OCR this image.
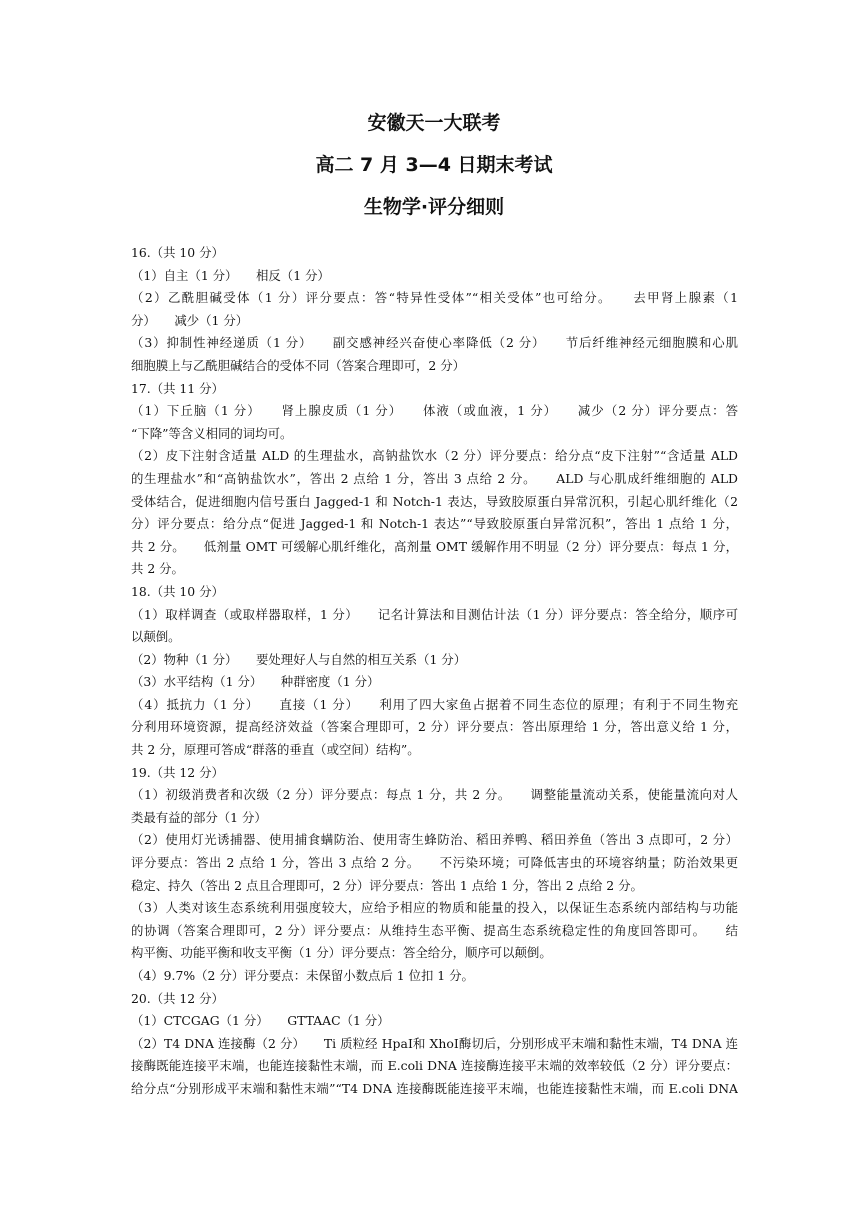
安徽天一大联考
高二 7 月 3—4 日期末考试
生物学·评分细则
16.（共 10 分）
（1）自主（1 分）　　相反（1 分）
（2）乙酰胆碱受体（1 分）评分要点：答“特异性受体”“相关受体”也可给分。　　去甲肾上腺素（1
分）　　减少（1 分）
（3）抑制性神经递质（1 分）　　副交感神经兴奋使心率降低（2 分）　　节后纤维神经元细胞膜和心肌
细胞膜上与乙酰胆碱结合的受体不同（答案合理即可，2 分）
17.（共 11 分）
（1）下丘脑（1 分）　　肾上腺皮质（1 分）　　体液（或血液，1 分）　　减少（2 分）评分要点：答
“下降”等含义相同的词均可。
（2）皮下注射含适量 ALD 的生理盐水，高钠盐饮水（2 分）评分要点：给分点“皮下注射”“含适量 ALD
的生理盐水”和“高钠盐饮水”，答出 2 点给 1 分，答出 3 点给 2 分。　　ALD 与心肌成纤维细胞的 ALD
受体结合，促进细胞内信号蛋白 Jagged-1 和 Notch-1 表达，导致胶原蛋白异常沉积，引起心肌纤维化（2
分）评分要点：给分点“促进 Jagged-1 和 Notch-1 表达”“导致胶原蛋白异常沉积”，答出 1 点给 1 分，
共 2 分。　　低剂量 OMT 可缓解心肌纤维化，高剂量 OMT 缓解作用不明显（2 分）评分要点：每点 1 分，
共 2 分。
18.（共 10 分）
（1）取样调查（或取样器取样，1 分）　　记名计算法和目测估计法（1 分）评分要点：答全给分，顺序可
以颠倒。
（2）物种（1 分）　　要处理好人与自然的相互关系（1 分）
（3）水平结构（1 分）　　种群密度（1 分）
（4）抵抗力（1 分）　　直接（1 分）　　利用了四大家鱼占据着不同生态位的原理；有利于不同生物充
分利用环境资源，提高经济效益（答案合理即可，2 分）评分要点：答出原理给 1 分，答出意义给 1 分，
共 2 分，原理可答成“群落的垂直（或空间）结构”。
19.（共 12 分）
（1）初级消费者和次级（2 分）评分要点：每点 1 分，共 2 分。　　调整能量流动关系，使能量流向对人
类最有益的部分（1 分）
（2）使用灯光诱捕器、使用捕食螨防治、使用寄生蜂防治、稻田养鸭、稻田养鱼（答出 3 点即可，2 分）
评分要点：答出 2 点给 1 分，答出 3 点给 2 分。　　不污染环境；可降低害虫的环境容纳量；防治效果更
稳定、持久（答出 2 点且合理即可，2 分）评分要点：答出 1 点给 1 分，答出 2 点给 2 分。
（3）人类对该生态系统利用强度较大，应给予相应的物质和能量的投入，以保证生态系统内部结构与功能
的协调（答案合理即可，2 分）评分要点：从维持生态平衡、提高生态系统稳定性的角度回答即可。　　结
构平衡、功能平衡和收支平衡（1 分）评分要点：答全给分，顺序可以颠倒。
（4）9.7%（2 分）评分要点：未保留小数点后 1 位扣 1 分。
20.（共 12 分）
（1）CTCGAG（1 分）　　GTTAAC（1 分）
（2）T4 DNA 连接酶（2 分）　　Ti 质粒经 HpaⅠ和 XhoⅠ酶切后，分别形成平末端和黏性末端，T4 DNA 连
接酶既能连接平末端，也能连接黏性末端，而 E.coli DNA 连接酶连接平末端的效率较低（2 分）评分要点：
给分点“分别形成平末端和黏性末端”“T4 DNA 连接酶既能连接平末端，也能连接黏性末端，而 E.coli DNA
